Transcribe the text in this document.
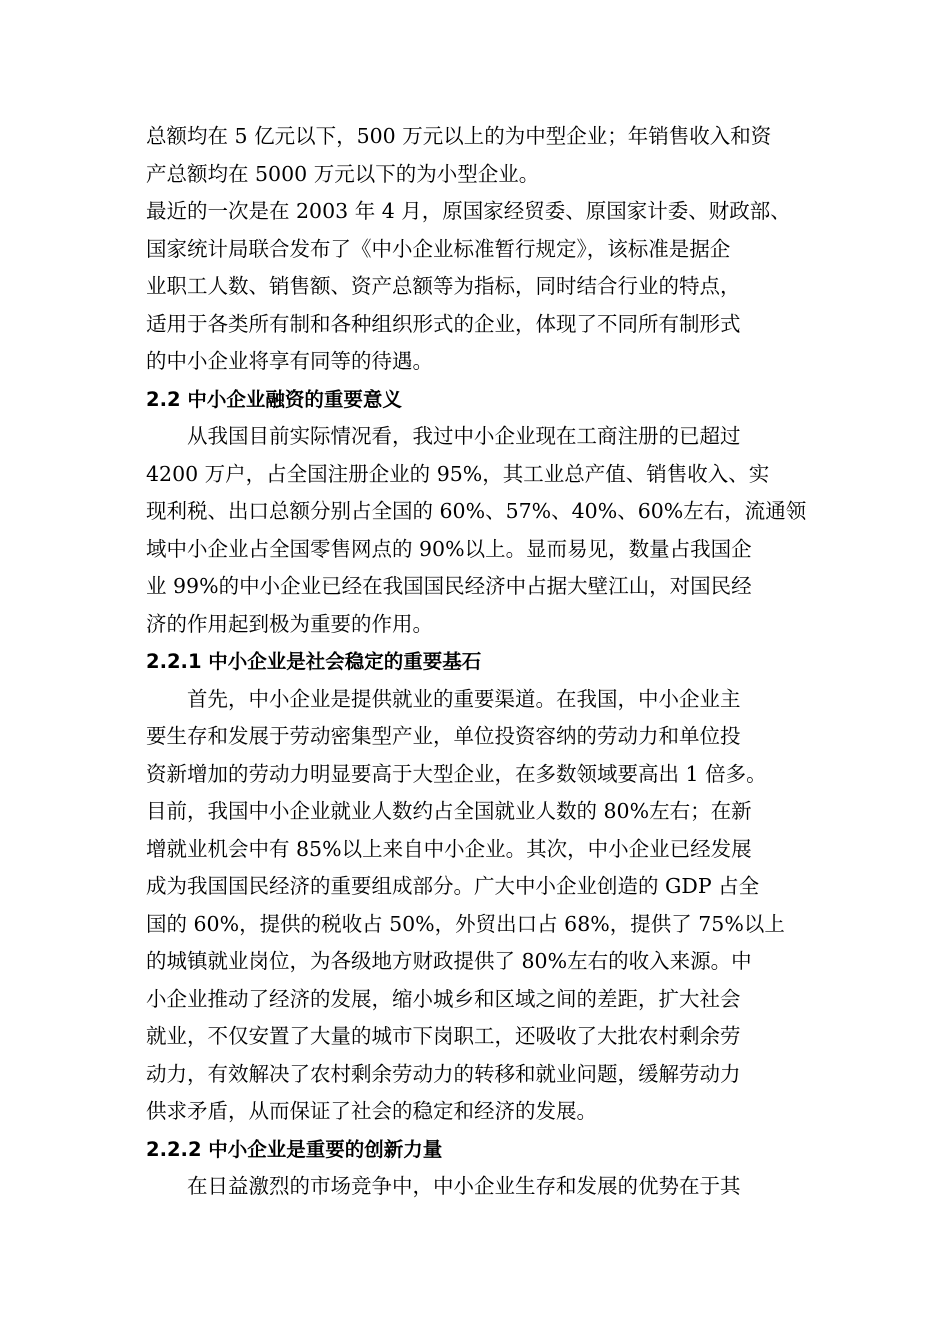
总额均在 5 亿元以下，500 万元以上的为中型企业；年销售收入和资
产总额均在 5000 万元以下的为小型企业。
最近的一次是在 2003 年 4 月，原国家经贸委、原国家计委、财政部、
国家统计局联合发布了《中小企业标准暂行规定》，该标准是据企
业职工人数、销售额、资产总额等为指标，同时结合行业的特点，
适用于各类所有制和各种组织形式的企业，体现了不同所有制形式
的中小企业将享有同等的待遇。
2.2 中小企业融资的重要意义
从我国目前实际情况看，我过中小企业现在工商注册的已超过
4200 万户，占全国注册企业的 95%，其工业总产值、销售收入、实
现利税、出口总额分别占全国的 60%、57%、40%、60%左右，流通领
域中小企业占全国零售网点的 90%以上。显而易见，数量占我国企
业 99%的中小企业已经在我国国民经济中占据大壁江山，对国民经
济的作用起到极为重要的作用。
2.2.1 中小企业是社会稳定的重要基石
首先，中小企业是提供就业的重要渠道。在我国，中小企业主
要生存和发展于劳动密集型产业，单位投资容纳的劳动力和单位投
资新增加的劳动力明显要高于大型企业，在多数领域要高出 1 倍多。
目前，我国中小企业就业人数约占全国就业人数的 80%左右；在新
增就业机会中有 85%以上来自中小企业。其次，中小企业已经发展
成为我国国民经济的重要组成部分。广大中小企业创造的 GDP 占全
国的 60%，提供的税收占 50%，外贸出口占 68%，提供了 75%以上
的城镇就业岗位，为各级地方财政提供了 80%左右的收入来源。中
小企业推动了经济的发展，缩小城乡和区域之间的差距，扩大社会
就业，不仅安置了大量的城市下岗职工，还吸收了大批农村剩余劳
动力，有效解决了农村剩余劳动力的转移和就业问题，缓解劳动力
供求矛盾，从而保证了社会的稳定和经济的发展。
2.2.2 中小企业是重要的创新力量
在日益激烈的市场竞争中，中小企业生存和发展的优势在于其
